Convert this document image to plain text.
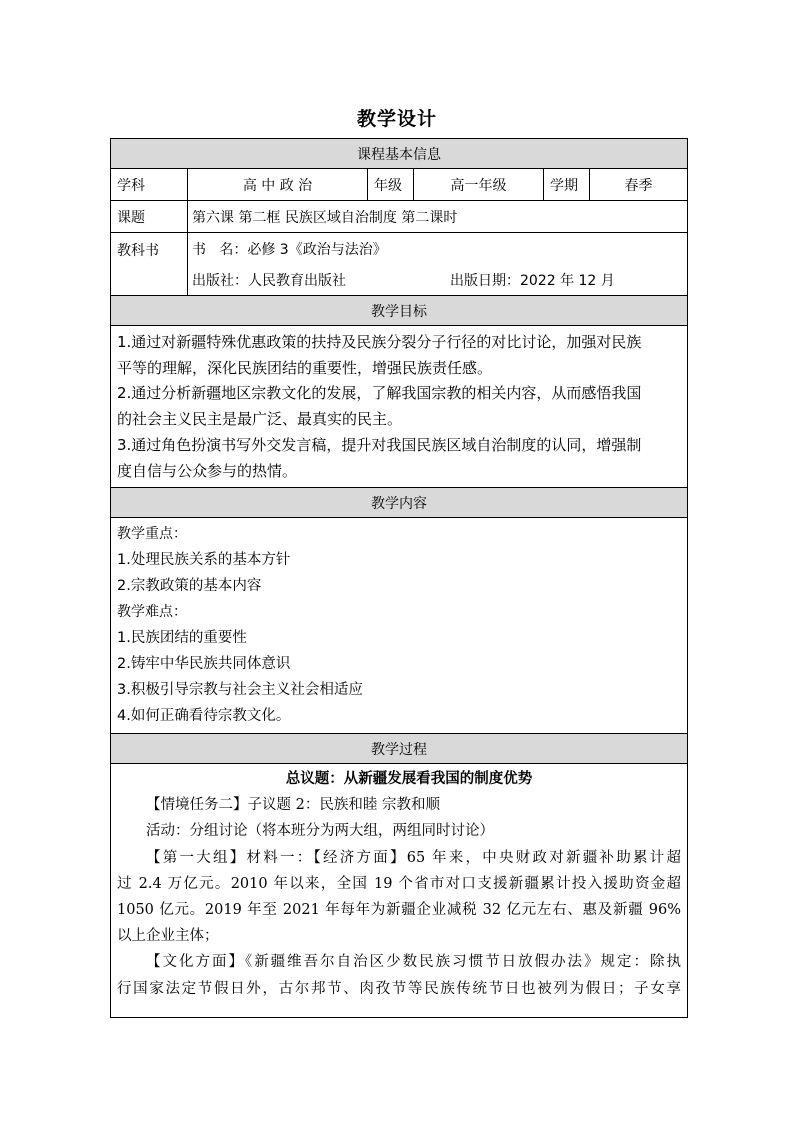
教学设计
课程基本信息
学科	高 中 政 治	年级	高一年级	学期	春季
课题	第六课 第二框 民族区域自治制度 第二课时
教科书	书   名：必修 3《政治与法治》
出版社：人民教育出版社	出版日期：2022 年 12 月
教学目标
1.通过对新疆特殊优惠政策的扶持及民族分裂分子行径的对比讨论，加强对民族
平等的理解，深化民族团结的重要性，增强民族责任感。
2.通过分析新疆地区宗教文化的发展，了解我国宗教的相关内容，从而感悟我国
的社会主义民主是最广泛、最真实的民主。
3.通过角色扮演书写外交发言稿，提升对我国民族区域自治制度的认同，增强制
度自信与公众参与的热情。
教学内容
教学重点：
1.处理民族关系的基本方针
2.宗教政策的基本内容
教学难点：
1.民族团结的重要性
2.铸牢中华民族共同体意识
3.积极引导宗教与社会主义社会相适应
4.如何正确看待宗教文化。
教学过程
总议题：从新疆发展看我国的制度优势
【情境任务二】子议题 2：民族和睦 宗教和顺
活动：分组讨论（将本班分为两大组，两组同时讨论）
【第一大组】材料一：【经济方面】65 年来，中央财政对新疆补助累计超
过 2.4 万亿元。2010 年以来，全国 19 个省市对口支援新疆累计投入援助资金超
1050 亿元。2019 年至 2021 年每年为新疆企业减税 32 亿元左右、惠及新疆 96%
以上企业主体；
【文化方面】《新疆维吾尔自治区少数民族习惯节日放假办法》规定：除执
行国家法定节假日外，古尔邦节、肉孜节等民族传统节日也被列为假日；子女享
